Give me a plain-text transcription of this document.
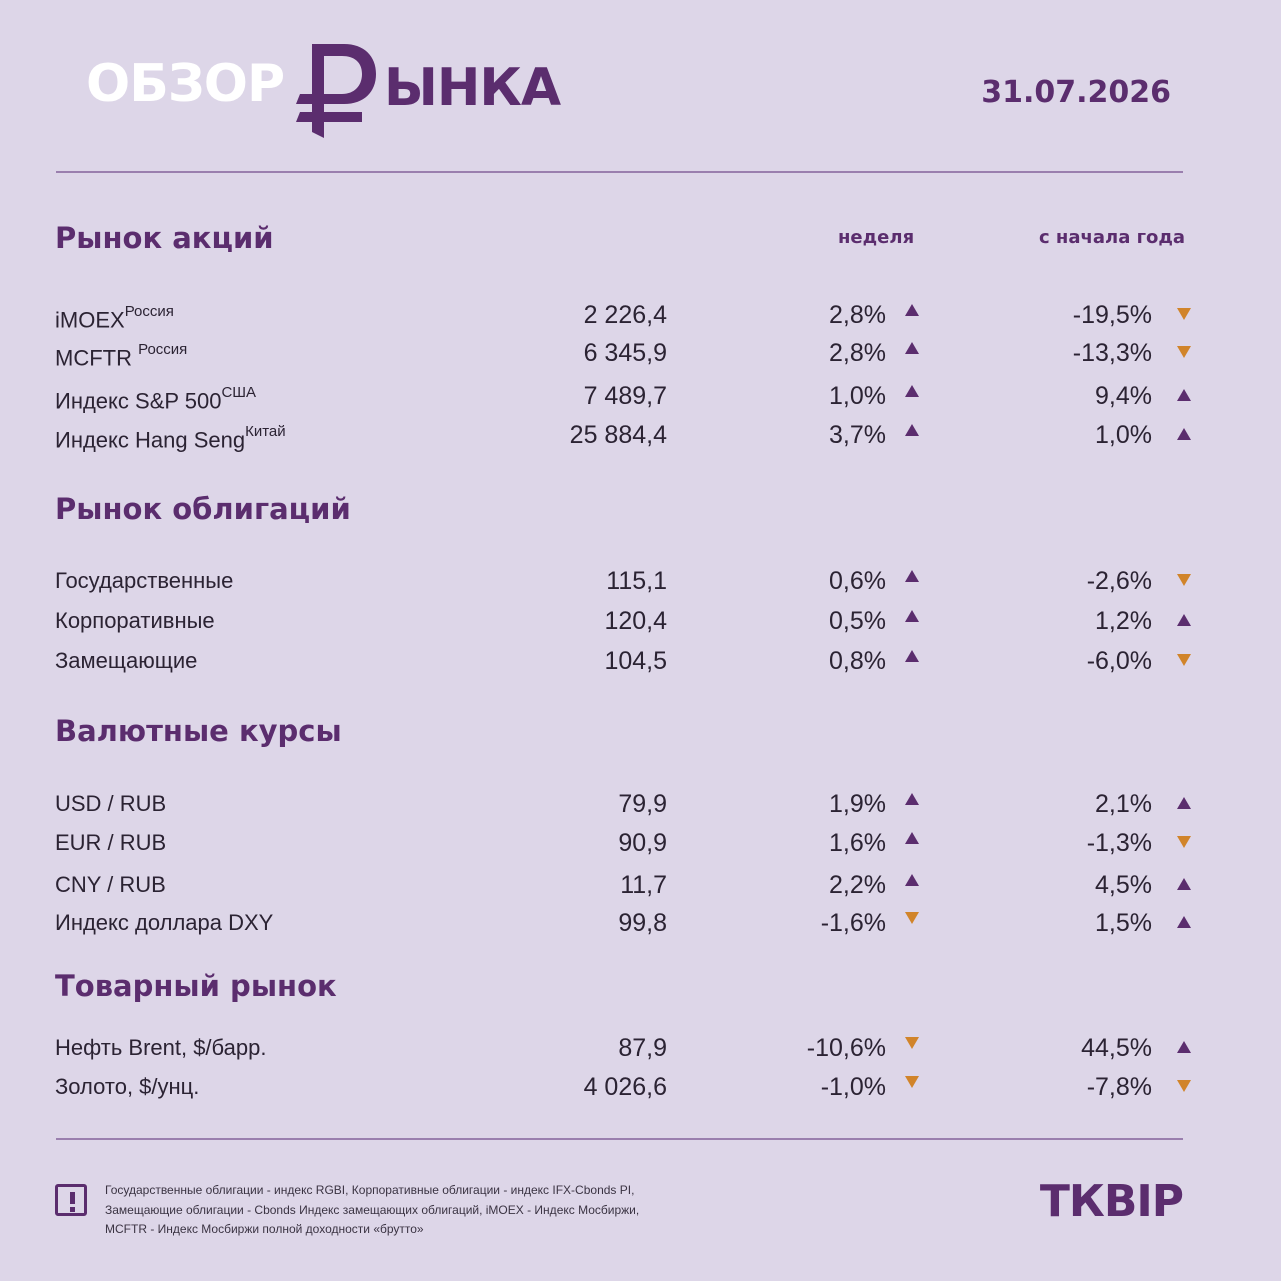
ОБЗОР ЫНКА	31.07.2026
неделя	с начала года
Рынок акций
iMOEX$^{Россия}$	2 226,4	2,8%	-19,5%
MCFTR $^{Россия}$	6 345,9	2,8%	-13,3%
Индекс S&P $500^{США}$	7 489,7	1,0%	9,4%
Индекс Hang Seng$^{Китай}$	25 884,4	3,7%	1,0%
Рынок облигаций
Государственные	115,1	0,6%	-2,6%
Корпоративные	120,4	0,5%	1,2%
Замещающие	104,5	0,8%	-6,0%
Валютные курсы
USD / RUB	79,9	1,9%	2,1%
EUR / RUB	90,9	1,6%	-1,3%
CNY / RUB	11,7	2,2%	4,5%
Индекс доллара DXY	99,8	-1,6%	1,5%
Товарный рынок
Нефть Brent, $/барр.	87,9	-10,6%	44,5%
Золото, $/унц.	4 026,6	-1,0%	-7,8%
Государственные облигации - индекс RGBI, Корпоративные облигации - индекс IFX-Cbonds PI,
Замещающие облигации - Cbonds Индекс замещающих облигаций, iMOEX - Индекс Мосбиржи,
MCFTR - Индекс Мосбиржи полной доходности «брутто»
ТКВІР
